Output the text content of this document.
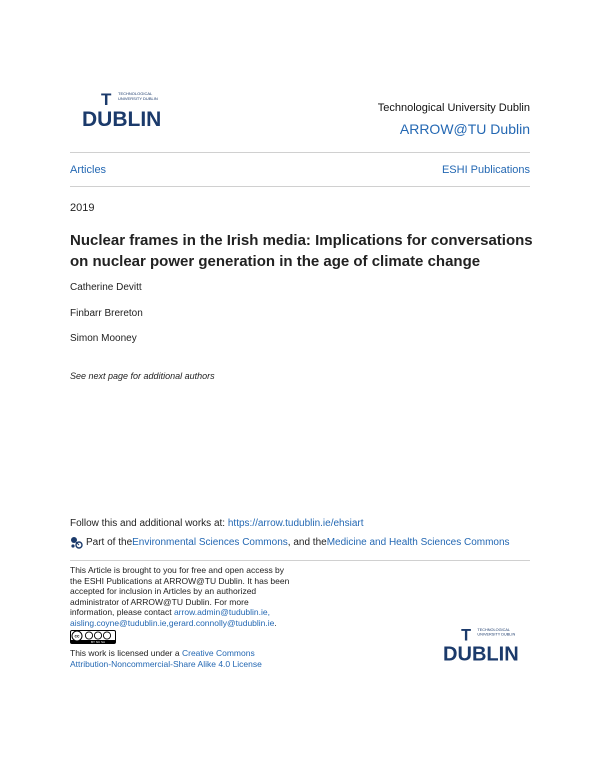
T TECHNOLOGICAL
UNIVERSITY DUBLIN
DUBLIN	Technological University Dublin
ARROW@TU Dublin
Articles	ESHI Publications
2019
Nuclear frames in the Irish media: Implications for conversations on nuclear power generation in the age of climate change
Catherine Devitt
Finbarr Brereton
Simon Mooney
See next page for additional authors
Follow this and additional works at: https://arrow.tudublin.ie/ehsiart
Part of the Environmental Sciences Commons , and the Medicine and Health Sciences Commons
This Article is brought to you for free and open access by
the ESHI Publications at ARROW@TU Dublin. It has been
accepted for inclusion in Articles by an authorized
administrator of ARROW@TU Dublin. For more
information, please contact arrow.admin@tudublin.ie,
aisling.coyne@tudublin.ie,gerard.connolly@tudublin.ie.
cc
BY NC SA
This work is licensed under a Creative Commons
Attribution-Noncommercial-Share Alike 4.0 License
T TECHNOLOGICAL
UNIVERSITY DUBLIN
DUBLIN
